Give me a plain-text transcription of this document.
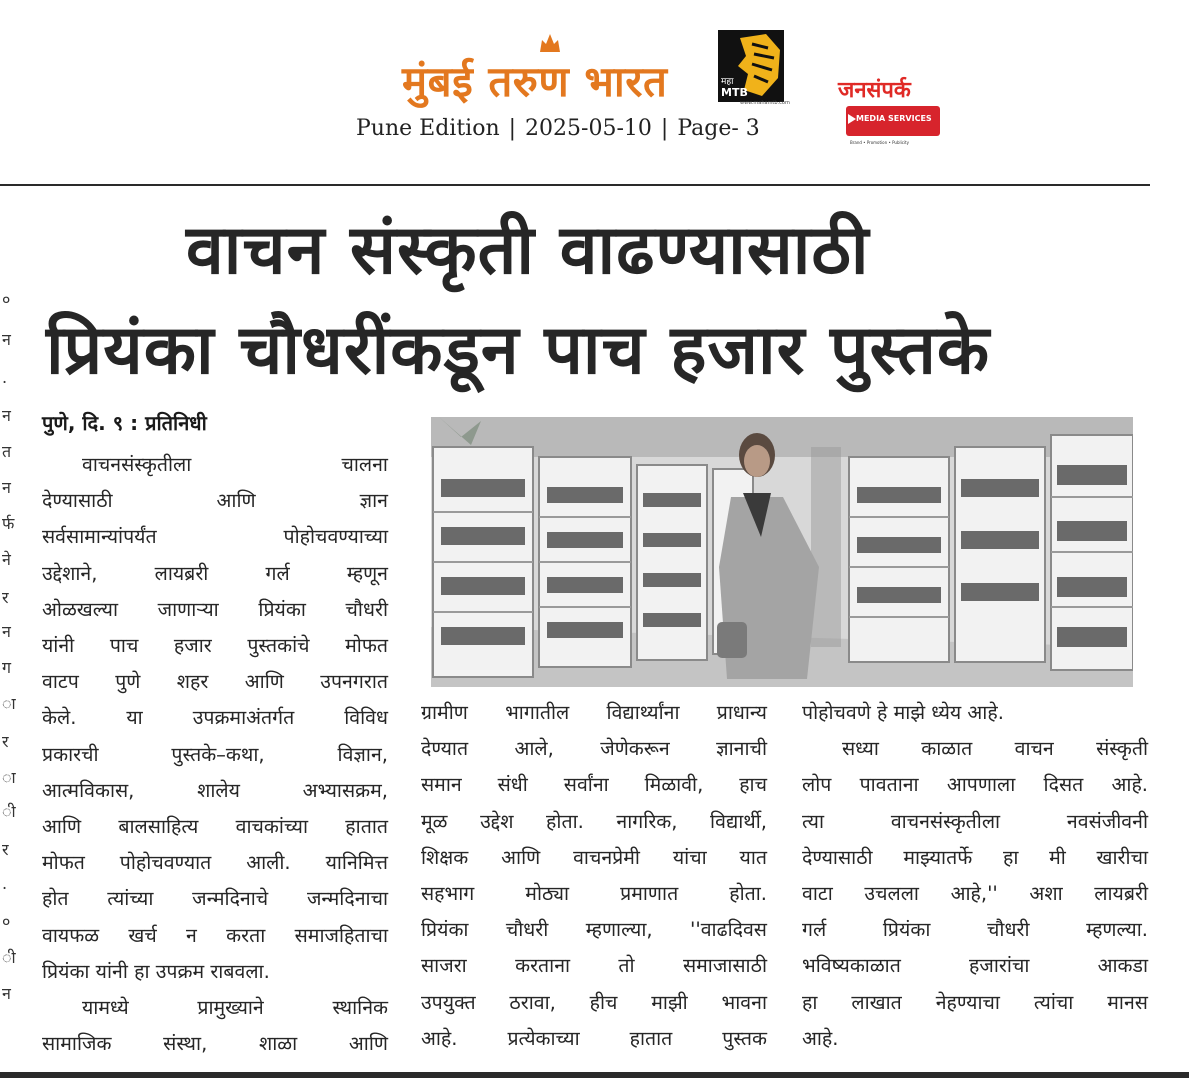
मुंबई तरुण भारत	महा
MTB
www.mahamtb.com
Pune Edition | 2025-05-10 | Page- 3
जनसंपर्क
MEDIA SERVICES
Brand • Promotion • Publicity
०
न
.
न
त
न
र्फ
ने
र
न
ग
ा
र
ा
ी
र
.
०
ी
न
वाचन संस्कृती वाढण्यासाठी
प्रियंका चौधरींकडून पाच हजार पुस्तके
पुणे, दि. ९ : प्रतिनिधी

वाचनसंस्कृतीला चालना

देण्यासाठी आणि ज्ञान

सर्वसामान्यांपर्यंत पोहोचवण्याच्या

उद्देशाने, लायब्ररी गर्ल म्हणून

ओळखल्या जाणाऱ्या प्रियंका चौधरी

यांनी पाच हजार पुस्तकांचे मोफत

वाटप पुणे शहर आणि उपनगरात

केले. या उपक्रमाअंतर्गत विविध

प्रकारची पुस्तके–कथा, विज्ञान,

आत्मविकास, शालेय अभ्यासक्रम,

आणि बालसाहित्य वाचकांच्या हातात

मोफत पोहोचवण्यात आली. यानिमित्त

होत त्यांच्या जन्मदिनाचे जन्मदिनाचा

वायफळ खर्च न करता समाजहिताचा

प्रियंका यांनी हा उपक्रम राबवला.

यामध्ये प्रामुख्याने स्थानिक

सामाजिक संस्था, शाळा आणि

ग्रामीण भागातील विद्यार्थ्यांना प्राधान्य

देण्यात आले, जेणेकरून ज्ञानाची

समान संधी सर्वांना मिळावी, हाच

मूळ उद्देश होता. नागरिक, विद्यार्थी,

शिक्षक आणि वाचनप्रेमी यांचा यात

सहभाग मोठ्या प्रमाणात होता.

प्रियंका चौधरी म्हणाल्या, ''वाढदिवस

साजरा करताना तो समाजासाठी

उपयुक्त ठरावा, हीच माझी भावना

आहे. प्रत्येकाच्या हातात पुस्तक

पोहोचवणे हे माझे ध्येय आहे.

सध्या काळात वाचन संस्कृती

लोप पावताना आपणाला दिसत आहे.

त्या वाचनसंस्कृतीला नवसंजीवनी

देण्यासाठी माझ्यातर्फे हा मी खारीचा

वाटा उचलला आहे,'' अशा लायब्ररी

गर्ल प्रियंका चौधरी म्हणल्या.

भविष्यकाळात हजारांचा आकडा

हा लाखात नेहण्याचा त्यांचा मानस

आहे.
